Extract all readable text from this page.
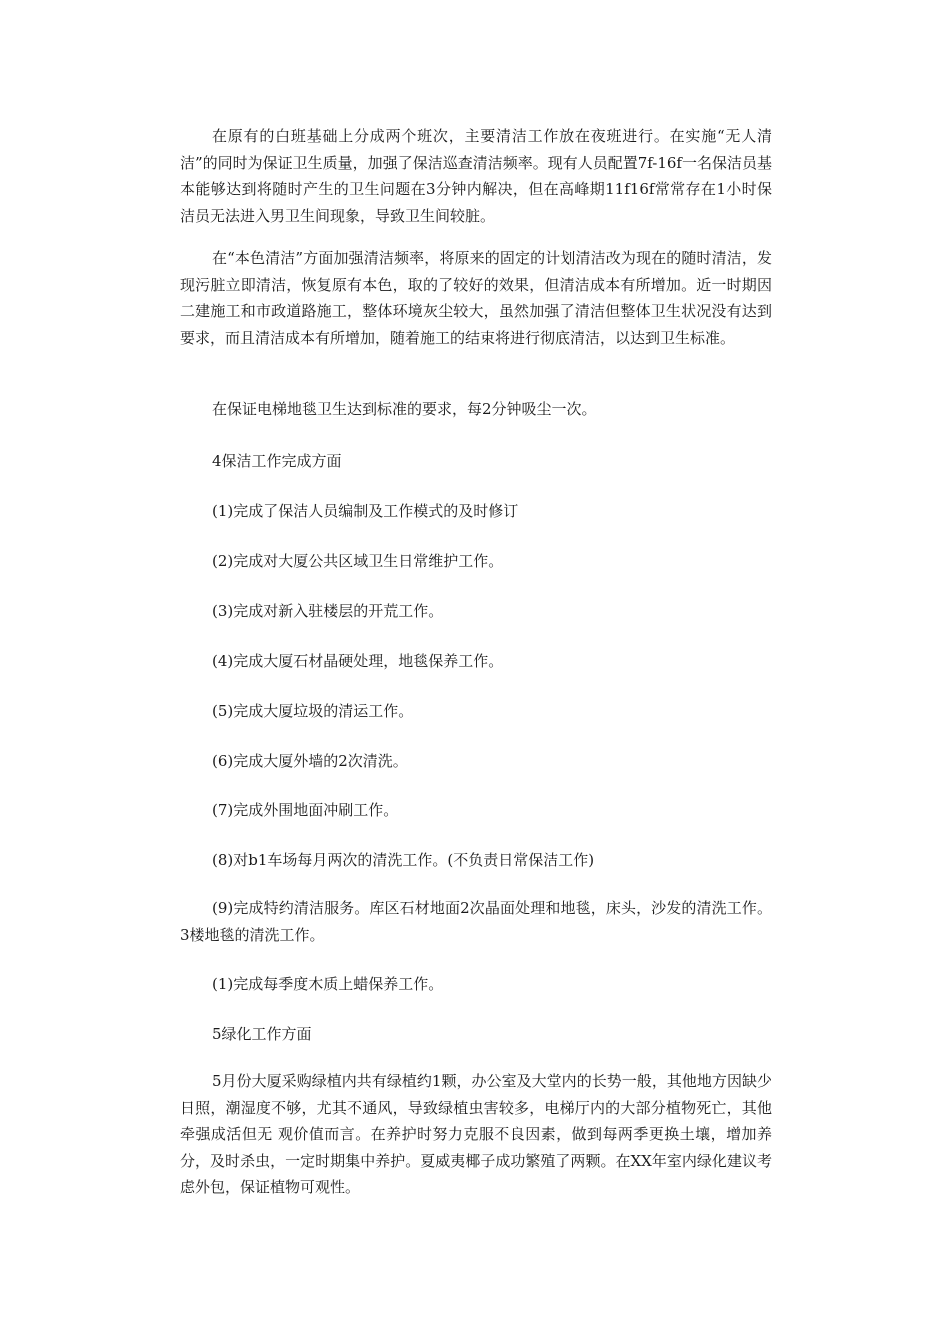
在原有的白班基础上分成两个班次，主要清洁工作放在夜班进行。在实施“无人清洁”的同时为保证卫生质量，加强了保洁巡查清洁频率。现有人员配置7f-16f一名保洁员基本能够达到将随时产生的卫生问题在3分钟内解决，但在高峰期11f16f常常存在1小时保洁员无法进入男卫生间现象，导致卫生间较脏。

在“本色清洁”方面加强清洁频率，将原来的固定的计划清洁改为现在的随时清洁，发现污脏立即清洁，恢复原有本色，取的了较好的效果，但清洁成本有所增加。近一时期因二建施工和市政道路施工，整体环境灰尘较大，虽然加强了清洁但整体卫生状况没有达到要求，而且清洁成本有所增加，随着施工的结束将进行彻底清洁，以达到卫生标准。

在保证电梯地毯卫生达到标准的要求，每2分钟吸尘一次。

4保洁工作完成方面

(1)完成了保洁人员编制及工作模式的及时修订

(2)完成对大厦公共区域卫生日常维护工作。

(3)完成对新入驻楼层的开荒工作。

(4)完成大厦石材晶硬处理，地毯保养工作。

(5)完成大厦垃圾的清运工作。

(6)完成大厦外墙的2次清洗。

(7)完成外围地面冲刷工作。

(8)对b1车场每月两次的清洗工作。(不负责日常保洁工作)

(9)完成特约清洁服务。库区石材地面2次晶面处理和地毯，床头，沙发的清洗工作。3楼地毯的清洗工作。

(1)完成每季度木质上蜡保养工作。

5绿化工作方面

5月份大厦采购绿植内共有绿植约1颗，办公室及大堂内的长势一般，其他地方因缺少日照，潮湿度不够，尤其不通风，导致绿植虫害较多，电梯厅内的大部分植物死亡，其他牵强成活但无 观价值而言。在养护时努力克服不良因素，做到每两季更换土壤，增加养分，及时杀虫，一定时期集中养护。夏威夷椰子成功繁殖了两颗。在XX年室内绿化建议考虑外包，保证植物可观性。
